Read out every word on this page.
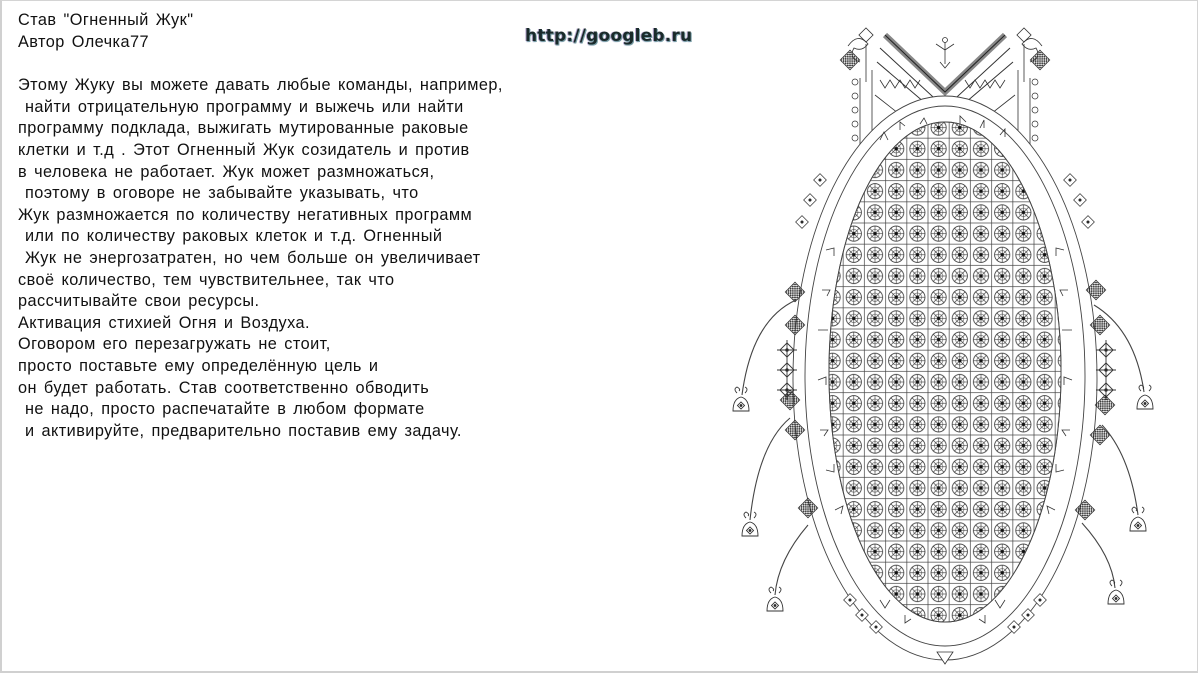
Став "Огненный Жук"
Автор Олечка77
Этому Жуку вы можете давать любые команды, например,
найти отрицательную программу и выжечь или найти
программу подклада, выжигать мутированные раковые
клетки и т.д . Этот Огненный Жук созидатель и против
в человека не работает. Жук может размножаться,
поэтому в оговоре не забывайте указывать, что
Жук размножается по количеству негативных программ
или по количеству раковых клеток и т.д. Огненный
Жук не энергозатратен, но чем больше он увеличивает
своё количество, тем чувствительнее, так что
рассчитывайте свои ресурсы.
Активация стихией Огня и Воздуха.
Оговором его перезагружать не стоит,
просто поставьте ему определённую цель и
он будет работать. Став соответственно обводить
не надо, просто распечатайте в любом формате
и активируйте, предварительно поставив ему задачу.
http://googleb.ru
